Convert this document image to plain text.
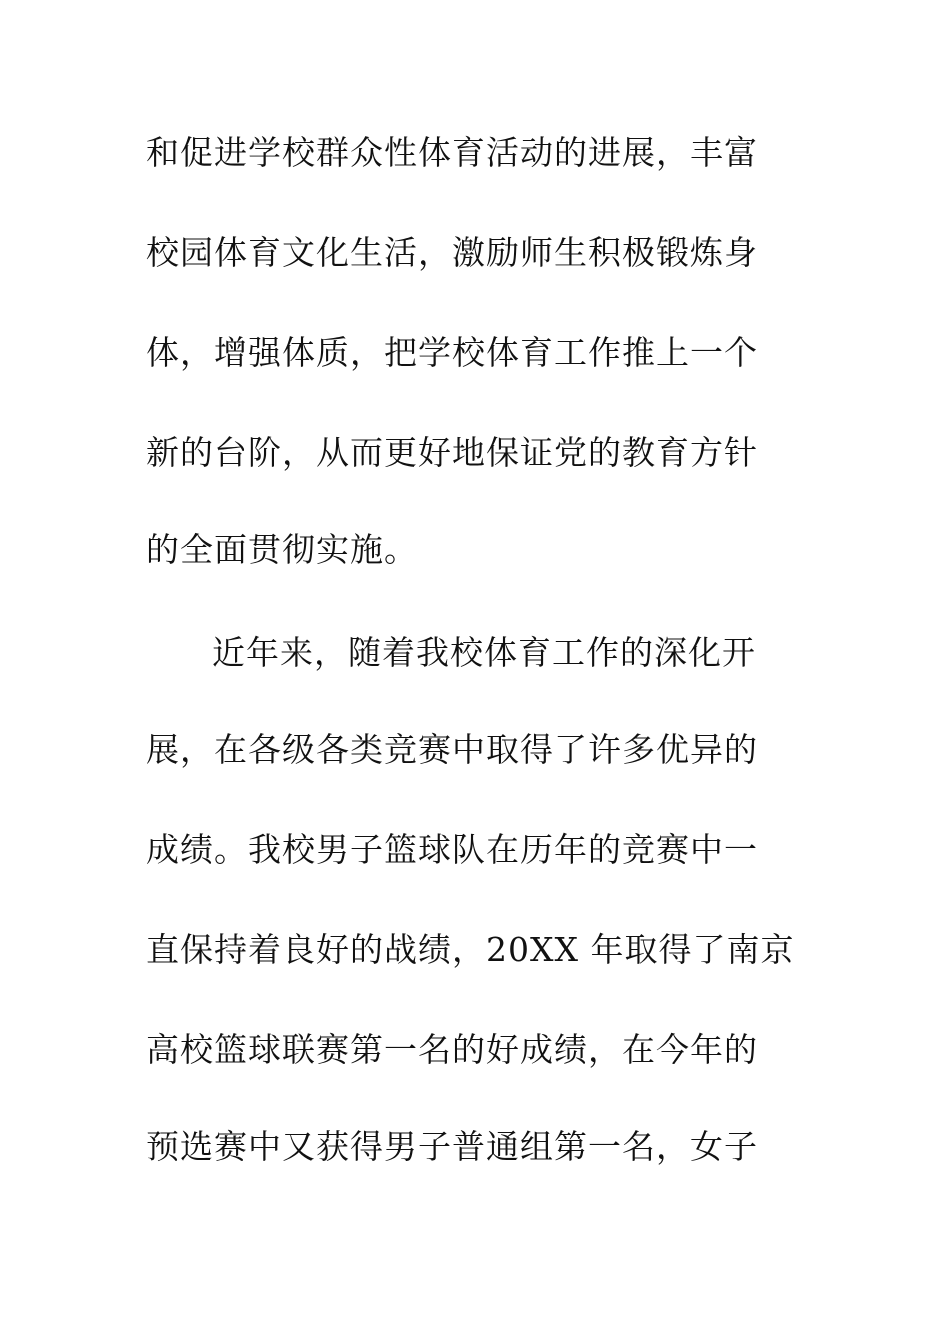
和促进学校群众性体育活动的进展，丰富
校园体育文化生活，激励师生积极锻炼身
体，增强体质，把学校体育工作推上一个
新的台阶，从而更好地保证党的教育方针
的全面贯彻实施。
近年来，随着我校体育工作的深化开
展，在各级各类竞赛中取得了许多优异的
成绩。我校男子篮球队在历年的竞赛中一
直保持着良好的战绩，20XX 年取得了南京
高校篮球联赛第一名的好成绩，在今年的
预选赛中又获得男子普通组第一名，女子
